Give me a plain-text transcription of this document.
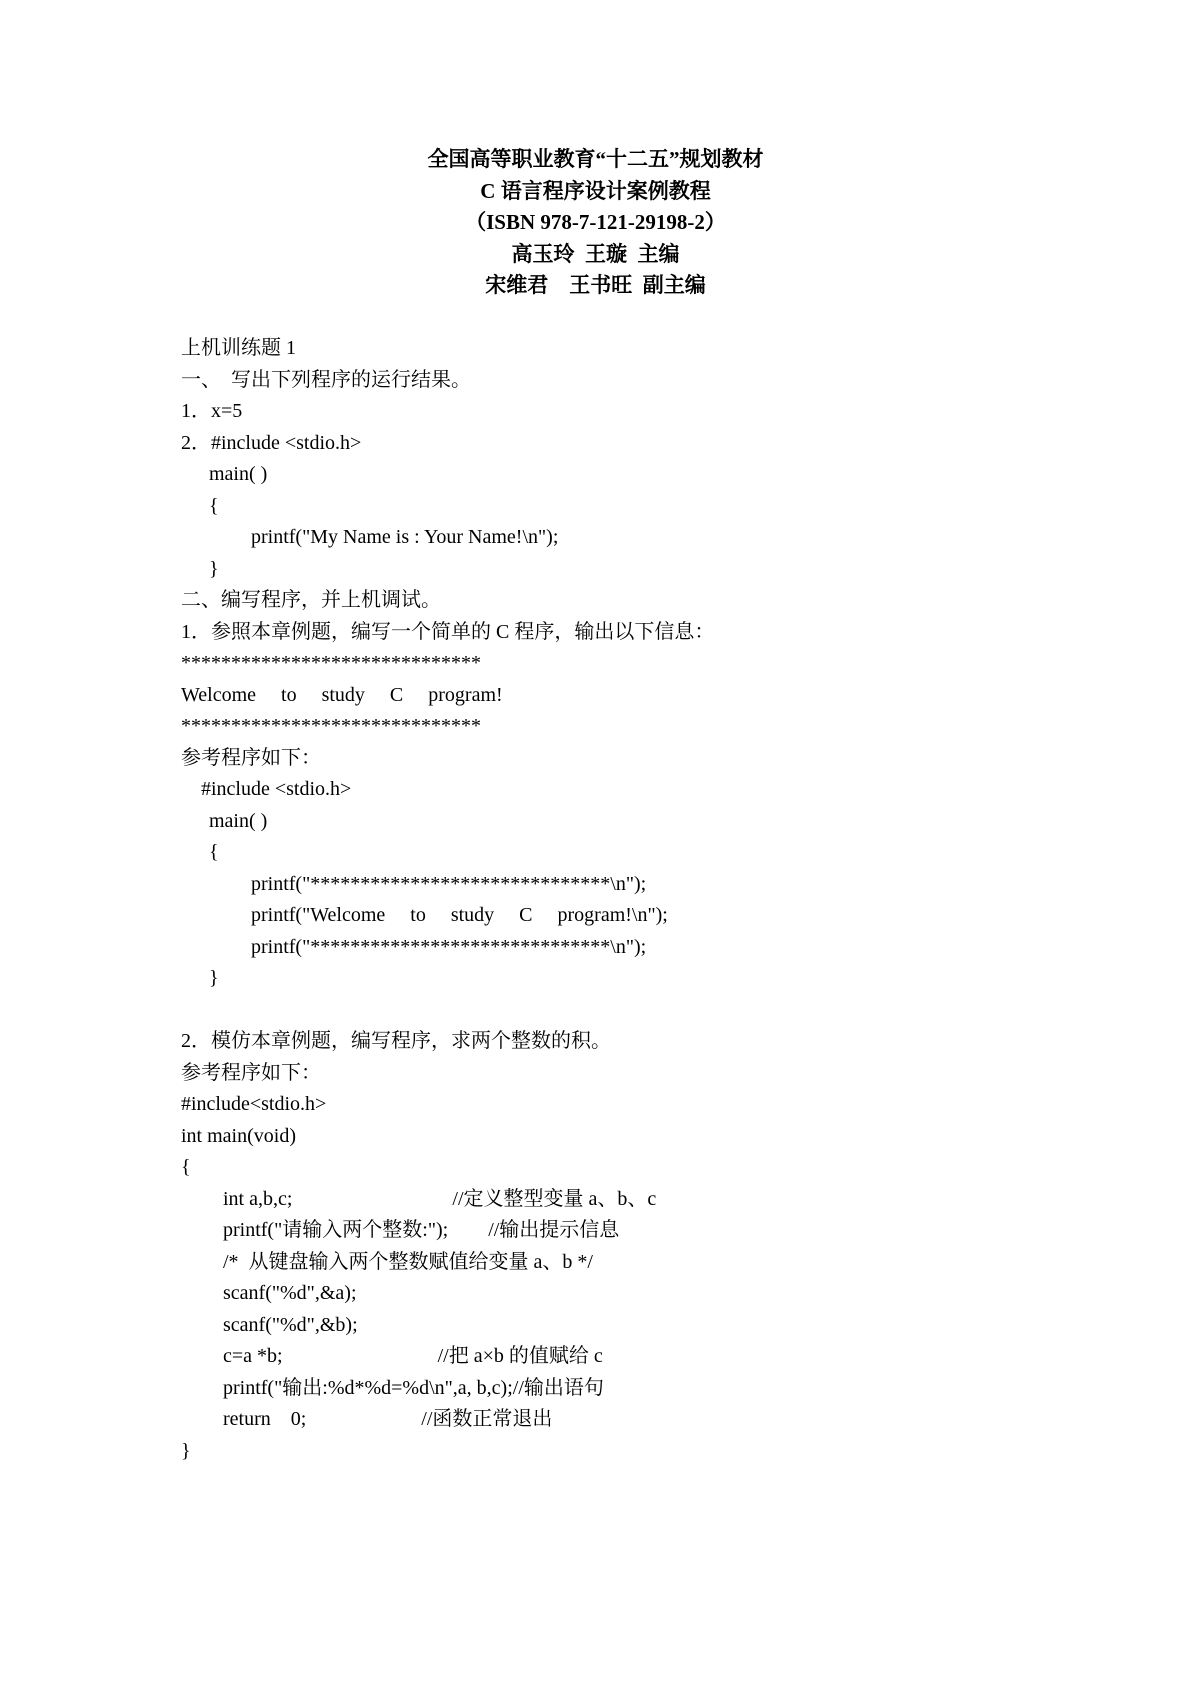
全国高等职业教育“十二五”规划教材
C 语言程序设计案例教程
（ISBN 978-7-121-29198-2）
高玉玲  王璇  主编
宋维君    王书旺  副主编
上机训练题 1
一、  写出下列程序的运行结果。
1．x=5
2．#include <stdio.h>
main( )
{
printf("My Name is : Your Name!\n");
}
二、编写程序，并上机调试。
1．参照本章例题，编写一个简单的 C 程序，输出以下信息：
******************************
Welcome to study C program!
******************************
参考程序如下：
#include <stdio.h>
main( )
{
printf("******************************\n");
printf("Welcome to study C program!\n");
printf("******************************\n");
}
2．模仿本章例题，编写程序，求两个整数的积。
参考程序如下：
#include<stdio.h>
int main(void)
{
int a,b,c;                                //定义整型变量 a、b、c
printf("请输入两个整数:");        //输出提示信息
/*  从键盘输入两个整数赋值给变量 a、b */
scanf("%d",&a);
scanf("%d",&b);
c=a *b;                               //把 a×b 的值赋给 c
printf("输出:%d*%d=%d\n",a, b,c);//输出语句
return    0;                       //函数正常退出
}
